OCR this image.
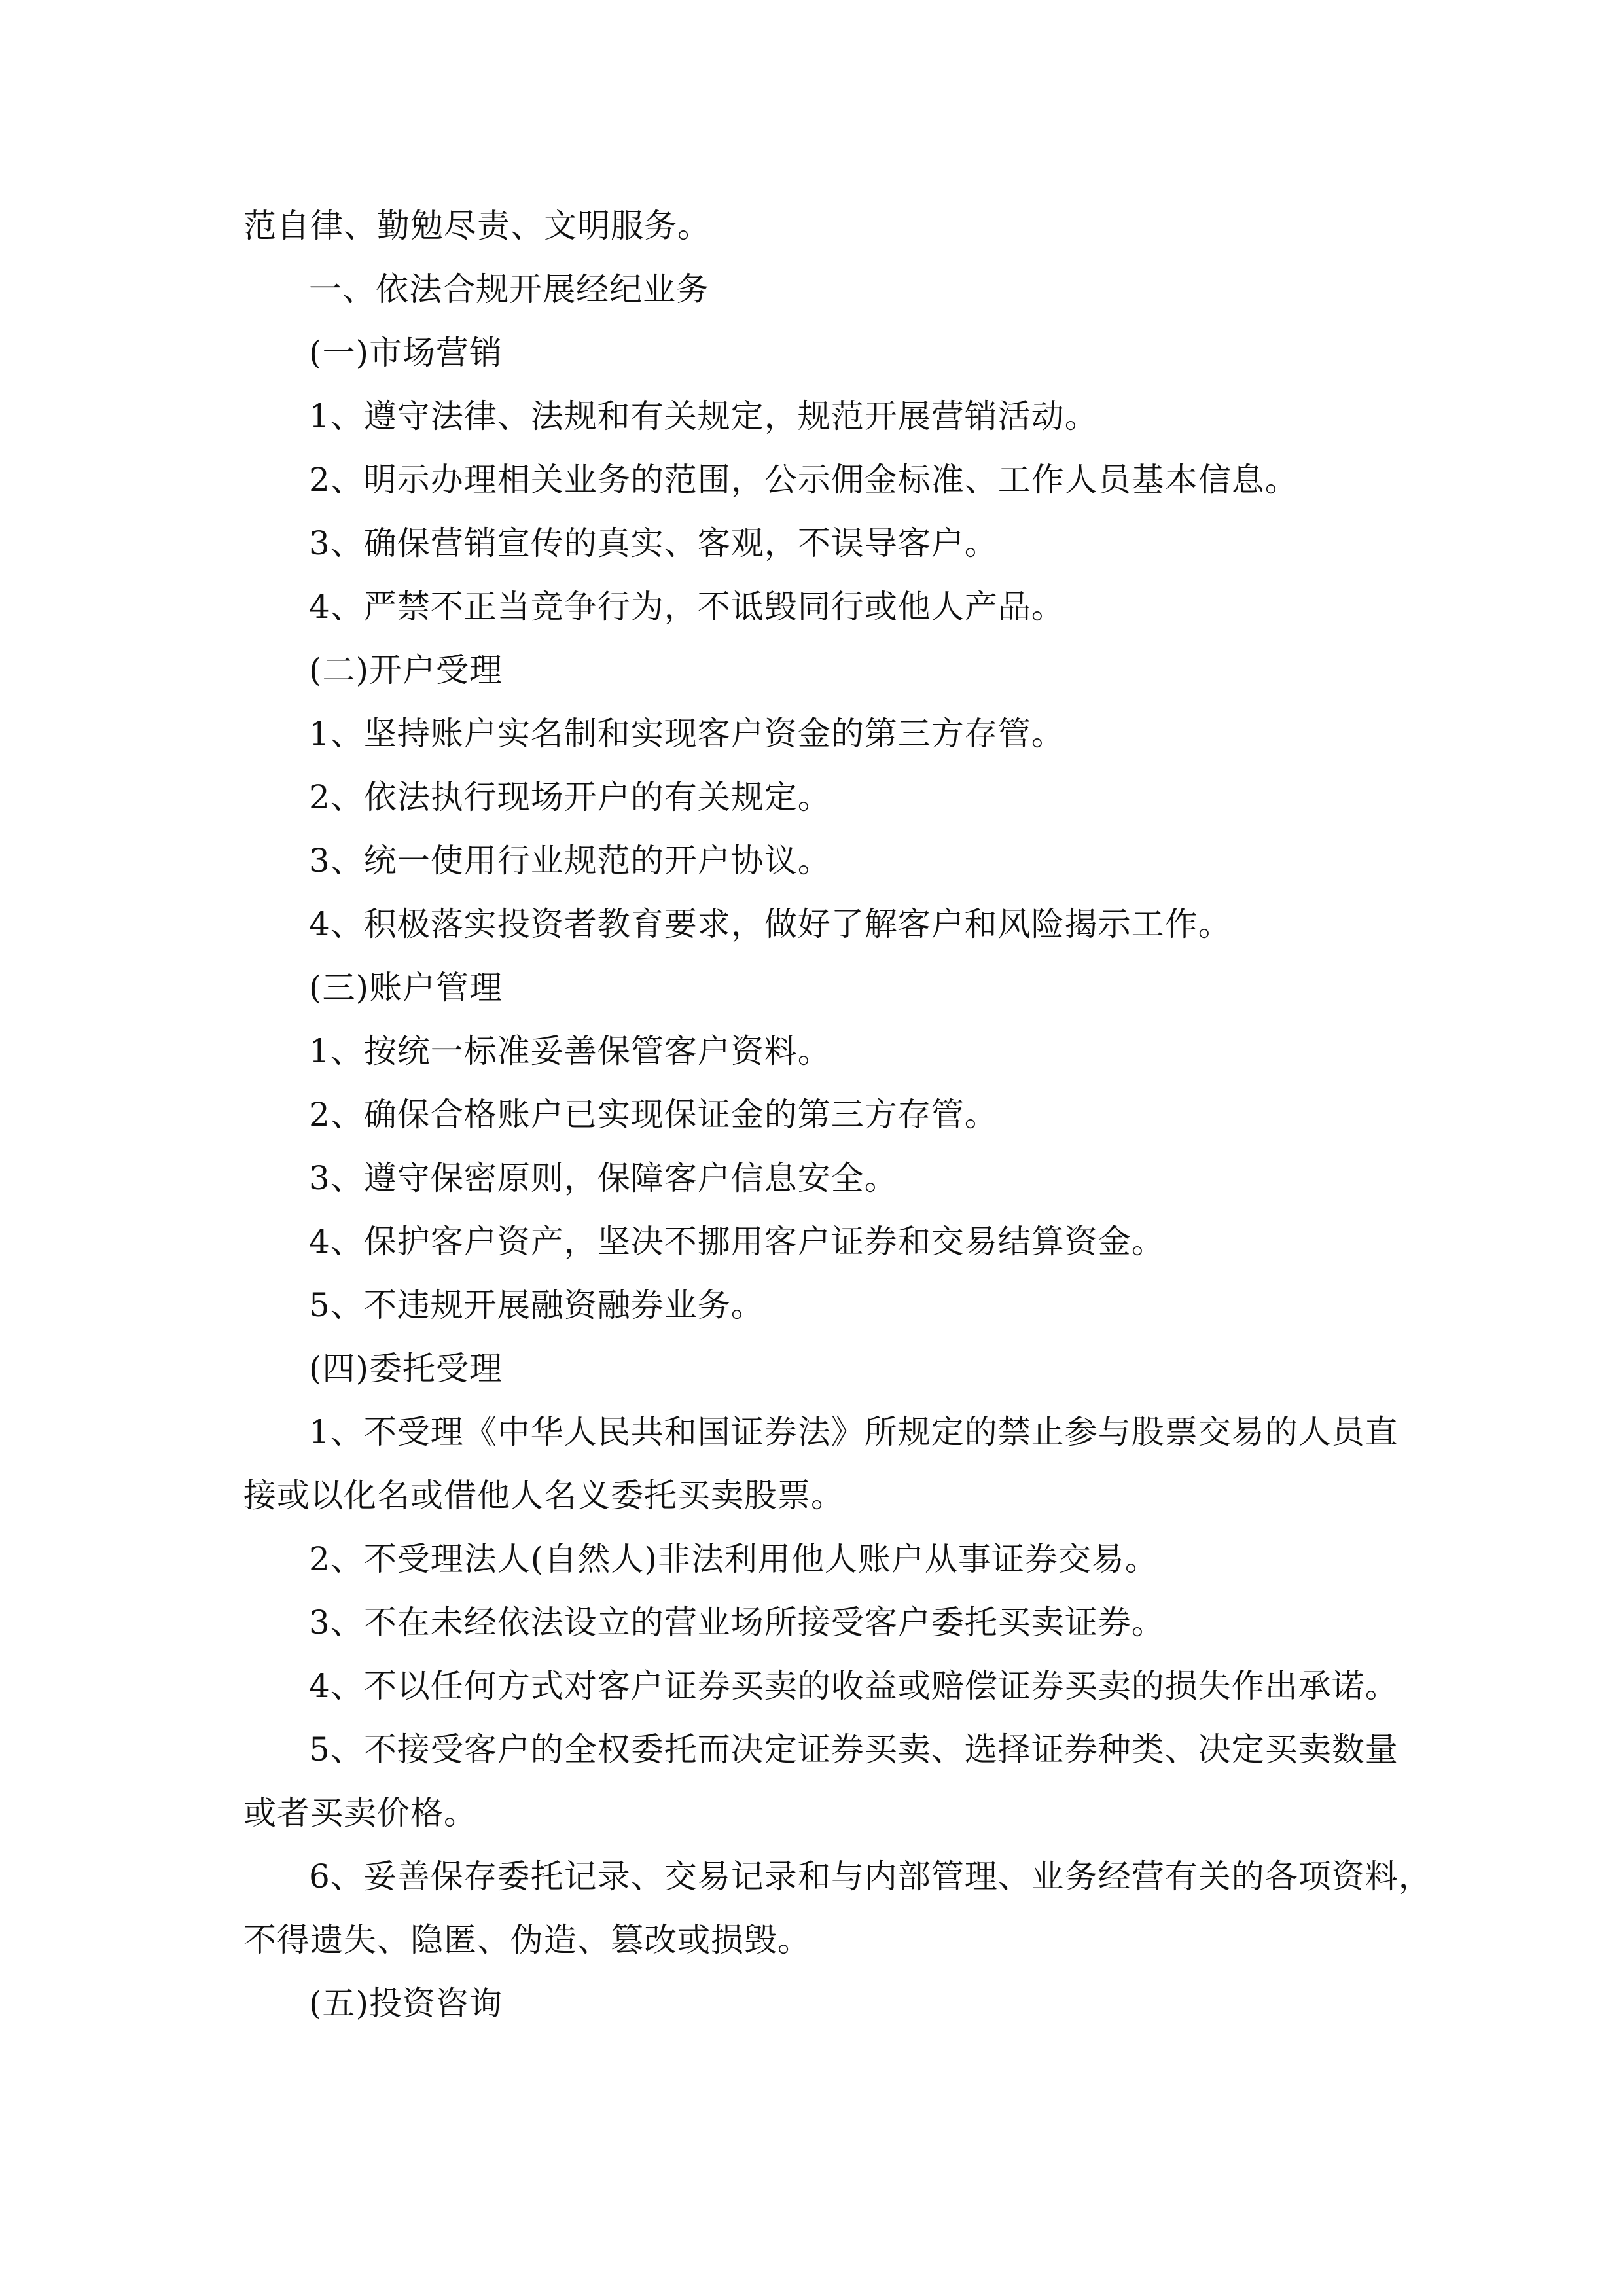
范自律、勤勉尽责、文明服务。
一、依法合规开展经纪业务
(一)市场营销
1、遵守法律、法规和有关规定，规范开展营销活动。
2、明示办理相关业务的范围，公示佣金标准、工作人员基本信息。
3、确保营销宣传的真实、客观，不误导客户。
4、严禁不正当竞争行为，不诋毁同行或他人产品。
(二)开户受理
1、坚持账户实名制和实现客户资金的第三方存管。
2、依法执行现场开户的有关规定。
3、统一使用行业规范的开户协议。
4、积极落实投资者教育要求，做好了解客户和风险揭示工作。
(三)账户管理
1、按统一标准妥善保管客户资料。
2、确保合格账户已实现保证金的第三方存管。
3、遵守保密原则，保障客户信息安全。
4、保护客户资产，坚决不挪用客户证券和交易结算资金。
5、不违规开展融资融券业务。
(四)委托受理
1、不受理《中华人民共和国证券法》所规定的禁止参与股票交易的人员直
接或以化名或借他人名义委托买卖股票。
2、不受理法人(自然人)非法利用他人账户从事证券交易。
3、不在未经依法设立的营业场所接受客户委托买卖证券。
4、不以任何方式对客户证券买卖的收益或赔偿证券买卖的损失作出承诺。
5、不接受客户的全权委托而决定证券买卖、选择证券种类、决定买卖数量
或者买卖价格。
6、妥善保存委托记录、交易记录和与内部管理、业务经营有关的各项资料，
不得遗失、隐匿、伪造、篡改或损毁。
(五)投资咨询
